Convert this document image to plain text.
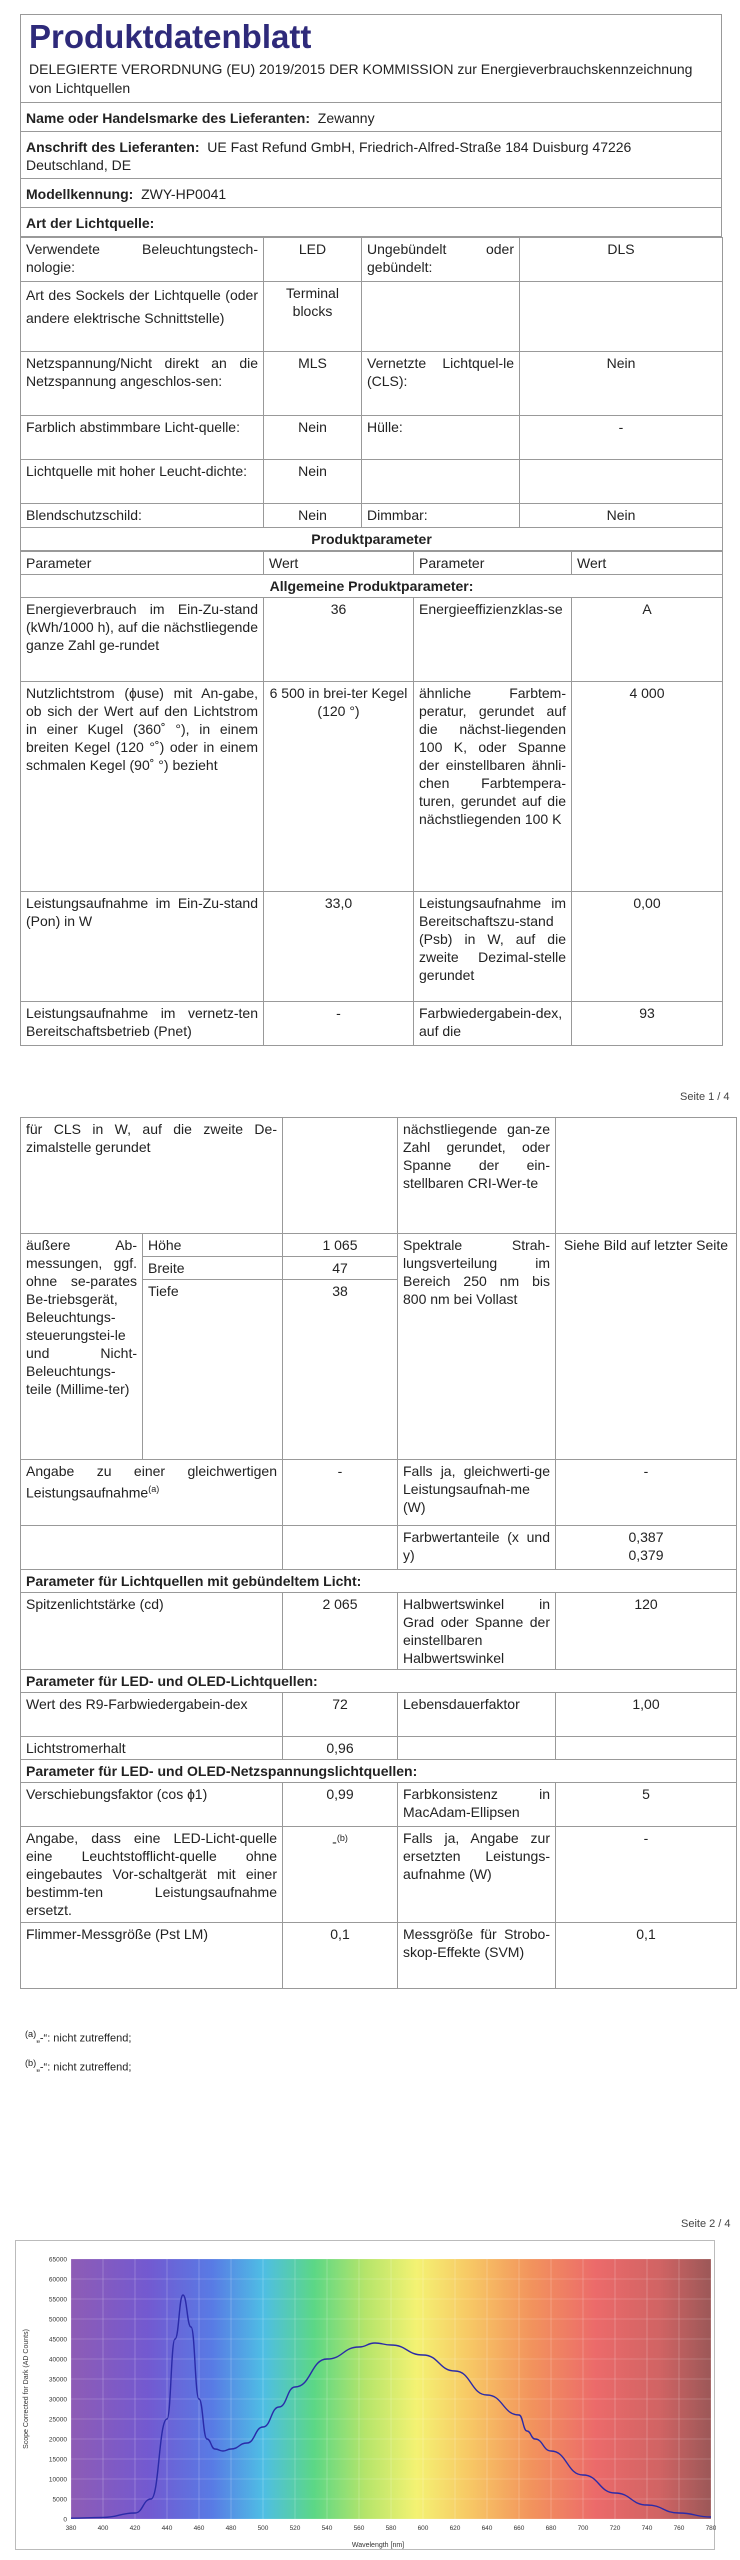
Produktdatenblatt
DELEGIERTE VERORDNUNG (EU) 2019/2015 DER KOMMISSION zur Energieverbrauchskennzeichnung von Lichtquellen
Name oder Handelsmarke des Lieferanten: Zewanny
Anschrift des Lieferanten: UE Fast Refund GmbH, Friedrich-Alfred-Straße 184 Duisburg 47226 Deutschland, DE
Modellkennung: ZWY-HP0041
Art der Lichtquelle:
Verwendete Beleuchtungstech-nologie:	LED	Ungebündelt oder gebündelt:	DLS
Art des Sockels der Lichtquelle (oder andere elektrische Schnittstelle)	Terminal blocks		
Netzspannung/Nicht direkt an die Netzspannung angeschlos-sen:	MLS	Vernetzte Lichtquel-le (CLS):	Nein
Farblich abstimmbare Licht-quelle:	Nein	Hülle:	-
Lichtquelle mit hoher Leucht-dichte:	Nein		
Blendschutzschild:	Nein	Dimmbar:	Nein
Produktparameter			
Parameter	Wert	Parameter	Wert
Allgemeine Produktparameter:			
Energieverbrauch im Ein-Zu-stand (kWh/1000 h), auf die nächstliegende ganze Zahl ge-rundet	36	Energieeffizienzklas-se	A
Nutzlichtstrom (ɸuse) mit An-gabe, ob sich der Wert auf den Lichtstrom in einer Kugel (360˚ °), in einem breiten Kegel (120 °˚) oder in einem schmalen Kegel (90˚ °) bezieht	6 500 in brei-ter Kegel (120 °)	ähnliche Farbtem-peratur, gerundet auf die nächst-liegenden 100 K, oder Spanne der einstellbaren ähnli-chen Farbtempera-turen, gerundet auf die nächstliegenden 100 K	4 000
Leistungsaufnahme im Ein-Zu-stand (Pon) in W	33,0	Leistungsaufnahme im Bereitschaftszu-stand (Psb) in W, auf die zweite Dezimal-stelle gerundet	0,00
Leistungsaufnahme im vernetz-ten Bereitschaftsbetrieb (Pnet)	-	Farbwiedergabein-dex, auf die	93
Seite 1 / 4
für CLS in W, auf die zweite De-zimalstelle gerundet			nächstliegende gan-ze Zahl gerundet, oder Spanne der ein-stellbaren CRI-Wer-te	
äußere Ab-messungen, ggf. ohne se-parates Be-triebsgerät, Beleuchtungs-steuerungstei-le und Nicht-Beleuchtungs-teile (Millime-ter)	Höhe	1 065	Spektrale Strah-lungsverteilung im Bereich 250 nm bis 800 nm bei Vollast	Siehe Bild auf letzter Seite
	Breite	47		
	Tiefe	38		
Angabe zu einer gleichwertigen Leistungsaufnahme$^{(a)}$		-	Falls ja, gleichwerti-ge Leistungsaufnah-me (W)	-
			Farbwertanteile (x und y)	0,387
0,379

Parameter für Lichtquellen mit gebündeltem Licht:				
Spitzenlichtstärke (cd)		2 065	Halbwertswinkel in Grad oder Spanne der einstellbaren Halbwertswinkel	120
Parameter für LED- und OLED-Lichtquellen:				
Wert des R9-Farbwiedergabein-dex		72	Lebensdauerfaktor	1,00
Lichtstromerhalt		0,96		
Parameter für LED- und OLED-Netzspannungslichtquellen:				
Verschiebungsfaktor (cos ɸ1)		0,99	Farbkonsistenz in MacAdam-Ellipsen	5
Angabe, dass eine LED-Licht-quelle eine Leuchtstofflicht-quelle ohne eingebautes Vor-schaltgerät mit einer bestimm-ten Leistungsaufnahme ersetzt.		-$^{(b)}$	Falls ja, Angabe zur ersetzten Leistungs-aufnahme (W)	-
Flimmer-Messgröße (Pst LM)		0,1	Messgröße für Strobo-skop-Effekte (SVM)	0,1
$^{(a)}$„-“: nicht zutreffend;
$^{(b)}$„-“: nicht zutreffend;
Seite 2 / 4
0
5000
10000
15000
20000
25000
30000
35000
40000
45000
50000
55000
60000
65000
380	400	420	440	460	480	500	520	540	560	580	600	620	640	660	680	700	720	740	760	780
Wavelength [nm]
Scope Corrected for Dark (AD Counts)
